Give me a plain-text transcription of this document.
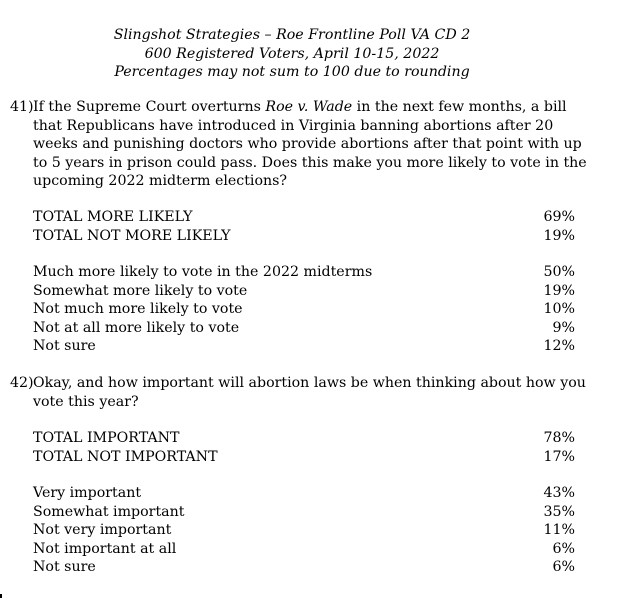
Slingshot Strategies – Roe Frontline Poll VA CD 2
600 Registered Voters, April 10-15, 2022
Percentages may not sum to 100 due to rounding
41) If the Supreme Court overturns Roe v. Wade in the next few months, a bill that Republicans have introduced in Virginia banning abortions after 20 weeks and punishing doctors who provide abortions after that point with up to 5 years in prison could pass. Does this make you more likely to vote in the upcoming 2022 midterm elections?
TOTAL MORE LIKELY	69%
TOTAL NOT MORE LIKELY	19%
Much more likely to vote in the 2022 midterms	50%
Somewhat more likely to vote	19%
Not much more likely to vote	10%
Not at all more likely to vote	9%
Not sure	12%
42) Okay, and how important will abortion laws be when thinking about how you vote this year?
TOTAL IMPORTANT	78%
TOTAL NOT IMPORTANT	17%
Very important	43%
Somewhat important	35%
Not very important	11%
Not important at all	6%
Not sure	6%
